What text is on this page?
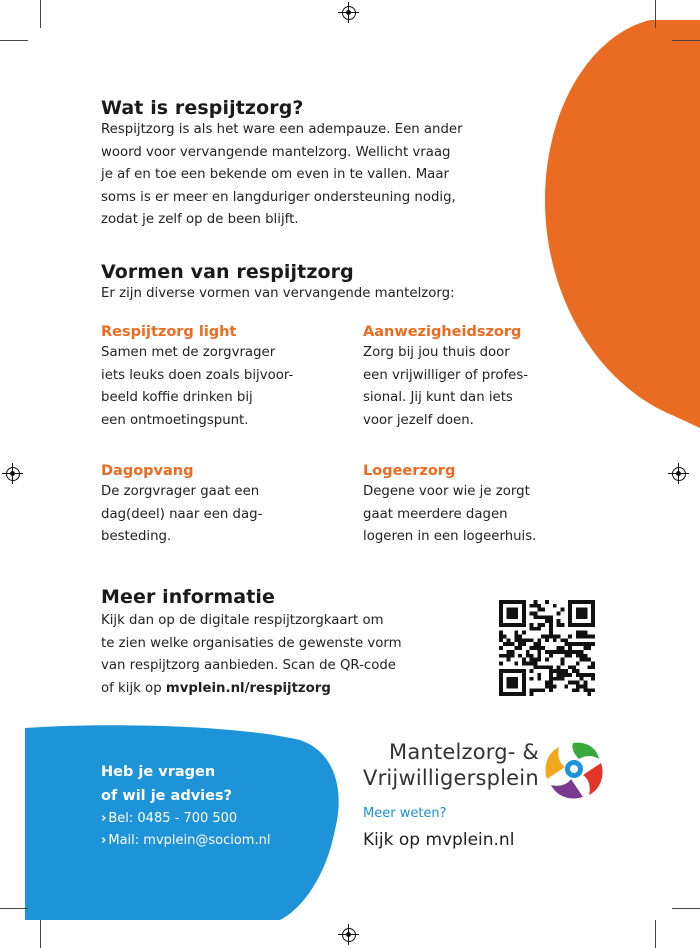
Wat is respijtzorg?

Respijtzorg is als het ware een adempauze. Een ander

woord voor vervangende mantelzorg. Wellicht vraag

je af en toe een bekende om even in te vallen. Maar

soms is er meer en langduriger ondersteuning nodig,

zodat je zelf op de been blijft.

Vormen van respijtzorg

Er zijn diverse vormen van vervangende mantelzorg:

Respijtzorg light

Samen met de zorgvrager

iets leuks doen zoals bijvoor-

beeld koffie drinken bij

een ontmoetingspunt.

Aanwezigheidszorg

Zorg bij jou thuis door

een vrijwilliger of profes-

sional. Jij kunt dan iets

voor jezelf doen.

Dagopvang

De zorgvrager gaat een

dag(deel) naar een dag-

besteding.

Logeerzorg

Degene voor wie je zorgt

gaat meerdere dagen

logeren in een logeerhuis.

Meer informatie

Kijk dan op de digitale respijtzorgkaart om

te zien welke organisaties de gewenste vorm

van respijtzorg aanbieden. Scan de QR-code

of kijk op mvplein.nl/respijtzorg

Heb je vragen
of wil je advies?
› Bel: 0485 - 700 500
› Mail: mvplein@sociom.nl
Mantelzorg- &
Vrijwilligersplein
Meer weten?
Kijk op mvplein.nl
